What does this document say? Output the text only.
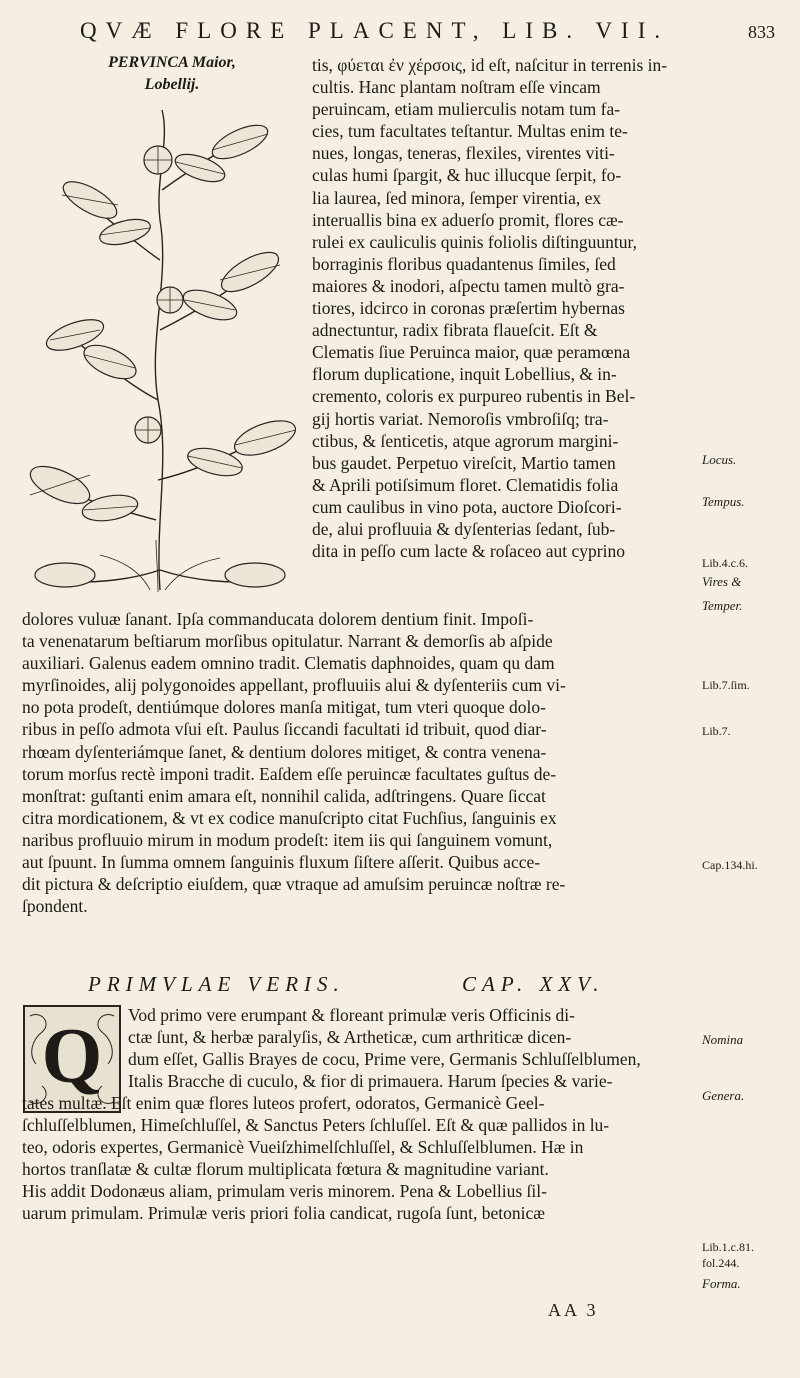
QVÆ FLORE PLACENT, LIB. VII.	833
PERVINCA Maior,
Lobellij.
tis, φύεται ἐν χέρσοις, id eſt, naſcitur in terrenis in-
cultis. Hanc plantam noſtram eſſe vincam
peruincam, etiam mulierculis notam tum fa-
cies, tum facultates teſtantur. Multas enim te-
nues, longas, teneras, flexiles, virentes viti-
culas humi ſpargit, & huc illucque ſerpit, fo-
lia laurea, ſed minora, ſemper virentia, ex
interuallis bina ex aduerſo promit, flores cæ-
rulei ex cauliculis quinis foliolis diſtinguuntur,
borraginis floribus quadantenus ſimiles, ſed
maiores & inodori, aſpectu tamen multò gra-
tiores, idcirco in coronas præſertim hybernas
adnectuntur, radix fibrata flaueſcit. Eſt &
Clematis ſiue Peruinca maior, quæ peramœna
florum duplicatione, inquit Lobellius, & in-
cremento, coloris ex purpureo rubentis in Bel-
gij hortis variat. Nemoroſis vmbroſiſq; tra-
ctibus, & ſenticetis, atque agrorum margini-
bus gaudet. Perpetuo vireſcit, Martio tamen
& Aprili potiſsimum floret. Clematidis folia
cum caulibus in vino pota, auctore Dioſcori-
de, alui profluuia & dyſenterias ſedant, ſub-
dita in peſſo cum lacte & roſaceo aut cyprino
dolores vuluæ ſanant. Ipſa commanducata dolorem dentium finit. Impoſi-
ta venenatarum beſtiarum morſibus opitulatur. Narrant & demorſis ab aſpide
auxiliari. Galenus eadem omnino tradit. Clematis daphnoides, quam qu dam
myrſinoides, alij polygonoides appellant, profluuiis alui & dyſenteriis cum vi-
no pota prodeſt, dentiúmque dolores manſa mitigat, tum vteri quoque dolo-
ribus in peſſo admota vſui eſt. Paulus ſiccandi facultati id tribuit, quod diar-
rhœam dyſenteriámque ſanet, & dentium dolores mitiget, & contra venena-
torum morſus rectè imponi tradit. Eaſdem eſſe peruincæ facultates guſtus de-
monſtrat: guſtanti enim amara eſt, nonnihil calida, adſtringens. Quare ſiccat
citra mordicationem, & vt ex codice manuſcripto citat Fuchſius, ſanguinis ex
naribus profluuio mirum in modum prodeſt: item iis qui ſanguinem vomunt,
aut ſpuunt. In ſumma omnem ſanguinis fluxum ſiſtere aſſerit. Quibus acce-
dit pictura & deſcriptio eiuſdem, quæ vtraque ad amuſsim peruincæ noſtræ re-
ſpondent.
Locus.
Tempus.
Lib.4.c.6.
Vires &
Temper.
Lib.7.ſim.
Lib.7.
Cap.134.hi.
Nomina
Genera.
Lib.1.c.81.
fol.244.
Forma.
PRIMVLAE VERIS.	CAP. XXV.
Q Vod primo vere erumpant & floreant primulæ veris Officinis di-
ctæ ſunt, & herbæ paralyſis, & Artheticæ, cum arthriticæ dicen-
dum eſſet, Gallis Brayes de cocu, Prime vere, Germanis Schluſſelblumen,
Italis Bracche di cuculo, & fior di primauera. Harum ſpecies & varie-
tates multæ. Eſt enim quæ flores luteos profert, odoratos, Germanicè Geel-
ſchluſſelblumen, Himeſchluſſel, & Sanctus Peters ſchluſſel. Eſt & quæ pallidos in lu-
teo, odoris expertes, Germanicè Vueiſzhimelſchluſſel, & Schluſſelblumen. Hæ in
hortos tranſlatæ & cultæ florum multiplicata fœtura & magnitudine variant.
His addit Dodonæus aliam, primulam veris minorem. Pena & Lobellius ſil-
uarum primulam. Primulæ veris priori folia candicat, rugoſa ſunt, betonicæ
AA 3
